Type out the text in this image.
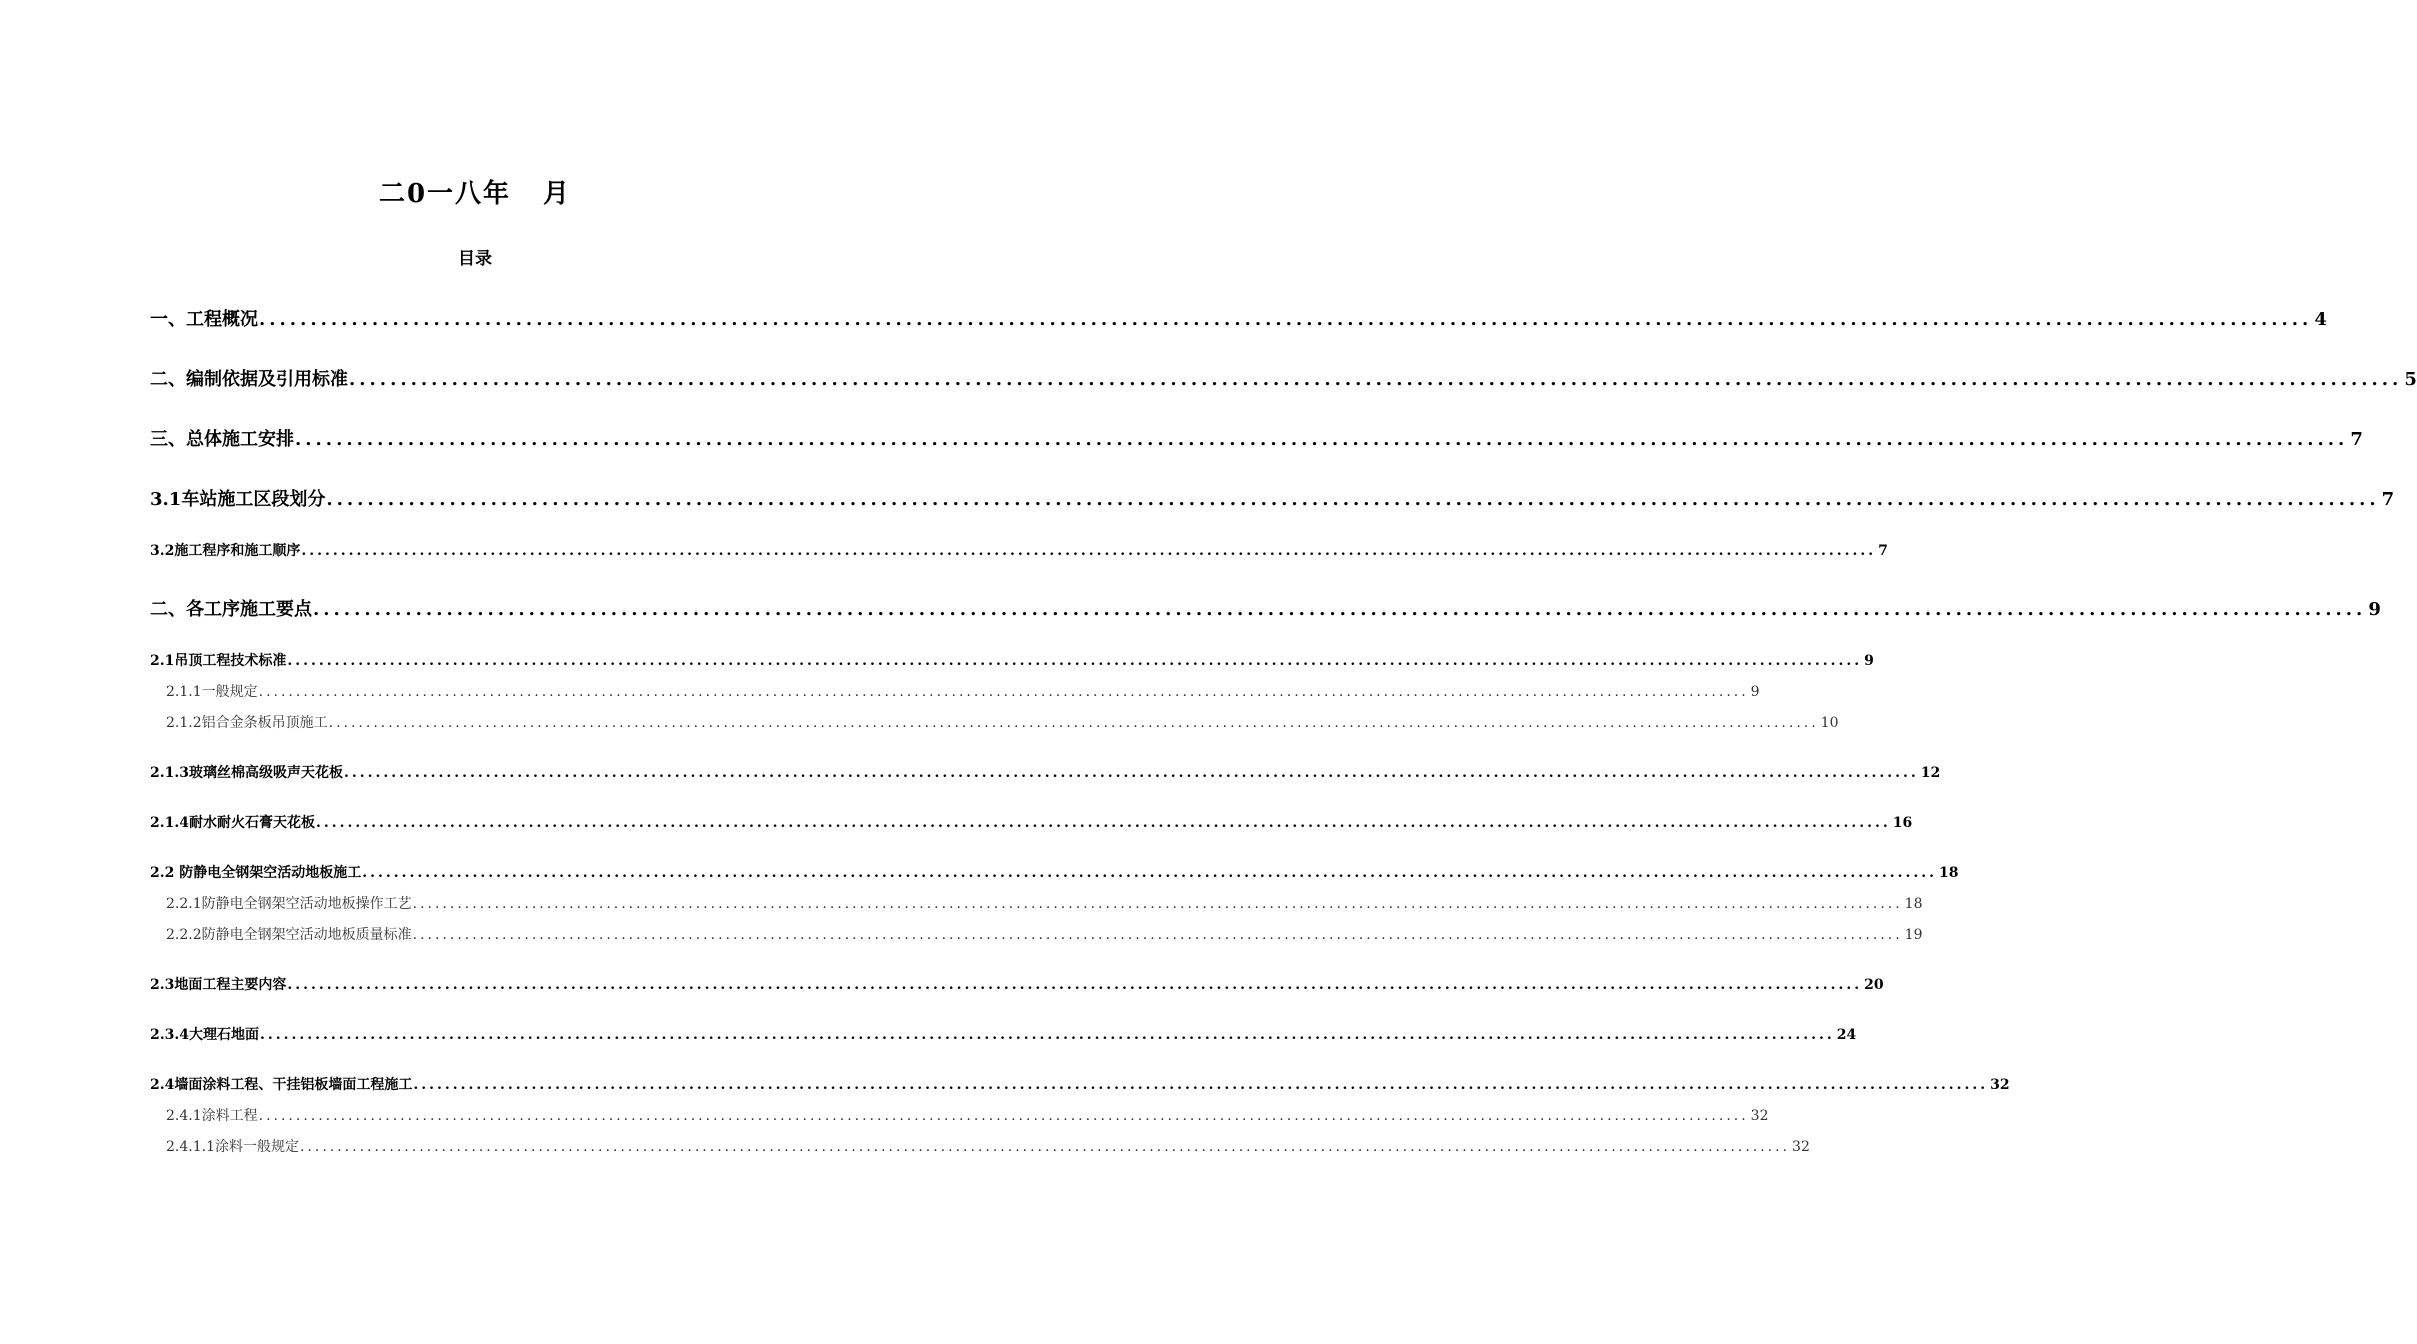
二0一八年 月
目录
一、工程概况 ........................................................................................................................................................................................................ 4
二、编制依据及引用标准 ........................................................................................................................................................................................................ 5
三、总体施工安排 ........................................................................................................................................................................................................ 7
3.1车站施工区段划分 ........................................................................................................................................................................................................ 7
3.2施工程序和施工顺序 ........................................................................................................................................................................................................ 7
二、各工序施工要点 ........................................................................................................................................................................................................ 9
2.1吊顶工程技术标准 ........................................................................................................................................................................................................ 9
2.1.1一般规定 ........................................................................................................................................................................................................ 9
2.1.2铝合金条板吊顶施工 ........................................................................................................................................................................................................ 10
2.1.3玻璃丝棉高级吸声天花板 ........................................................................................................................................................................................................ 12
2.1.4耐水耐火石膏天花板 ........................................................................................................................................................................................................ 16
2.2 防静电全钢架空活动地板施工 ........................................................................................................................................................................................................ 18
2.2.1防静电全钢架空活动地板操作工艺 ........................................................................................................................................................................................................ 18
2.2.2防静电全钢架空活动地板质量标准 ........................................................................................................................................................................................................ 19
2.3地面工程主要内容 ........................................................................................................................................................................................................ 20
2.3.4大理石地面 ........................................................................................................................................................................................................ 24
2.4墙面涂料工程、干挂铝板墙面工程施工 ........................................................................................................................................................................................................ 32
2.4.1涂料工程 ........................................................................................................................................................................................................ 32
2.4.1.1涂料一般规定 ........................................................................................................................................................................................................ 32
